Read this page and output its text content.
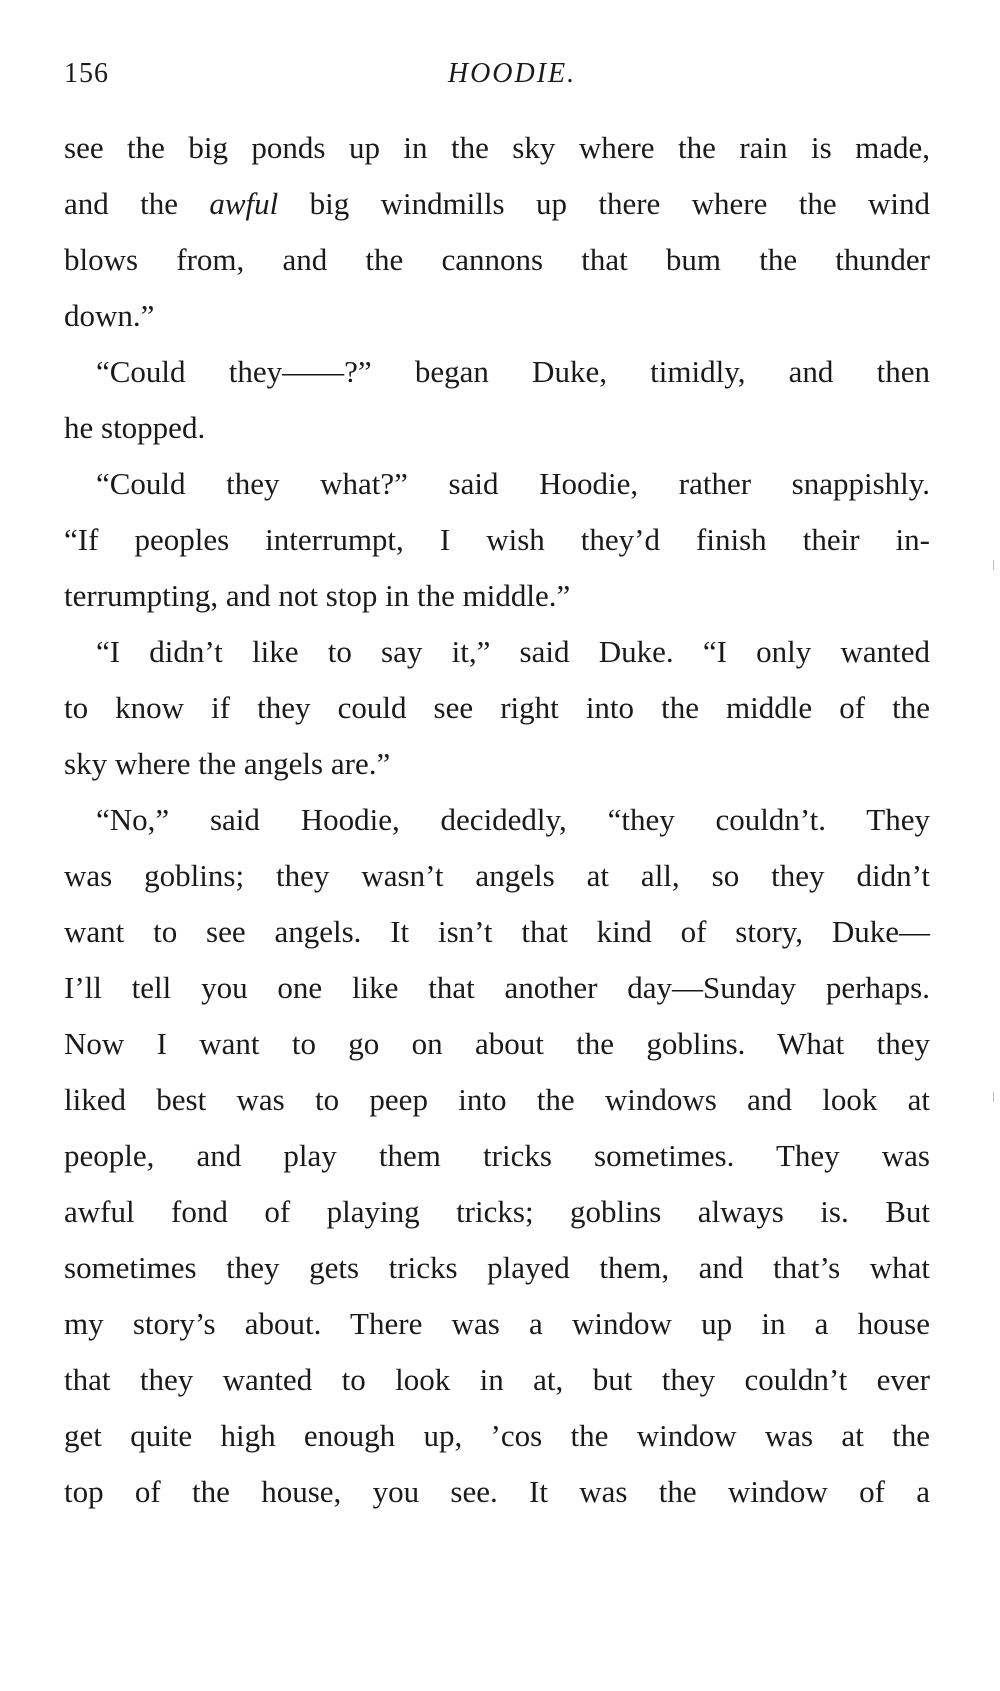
156	HOODIE.
see the big ponds up in the sky where the rain is made,
and the awful big windmills up there where the wind
blows from, and the cannons that bum the thunder
down.”
“Could they——?” began Duke, timidly, and then
he stopped.
“Could they what?” said Hoodie, rather snappishly.
“If peoples interrumpt, I wish they’d finish their in-
terrumpting, and not stop in the middle.”
“I didn’t like to say it,” said Duke. “I only wanted
to know if they could see right into the middle of the
sky where the angels are.”
“No,” said Hoodie, decidedly, “they couldn’t. They
was goblins; they wasn’t angels at all, so they didn’t
want to see angels. It isn’t that kind of story, Duke—
I’ll tell you one like that another day—Sunday perhaps.
Now I want to go on about the goblins. What they
liked best was to peep into the windows and look at
people, and play them tricks sometimes. They was
awful fond of playing tricks; goblins always is. But
sometimes they gets tricks played them, and that’s what
my story’s about. There was a window up in a house
that they wanted to look in at, but they couldn’t ever
get quite high enough up, ’cos the window was at the
top of the house, you see. It was the window of a
